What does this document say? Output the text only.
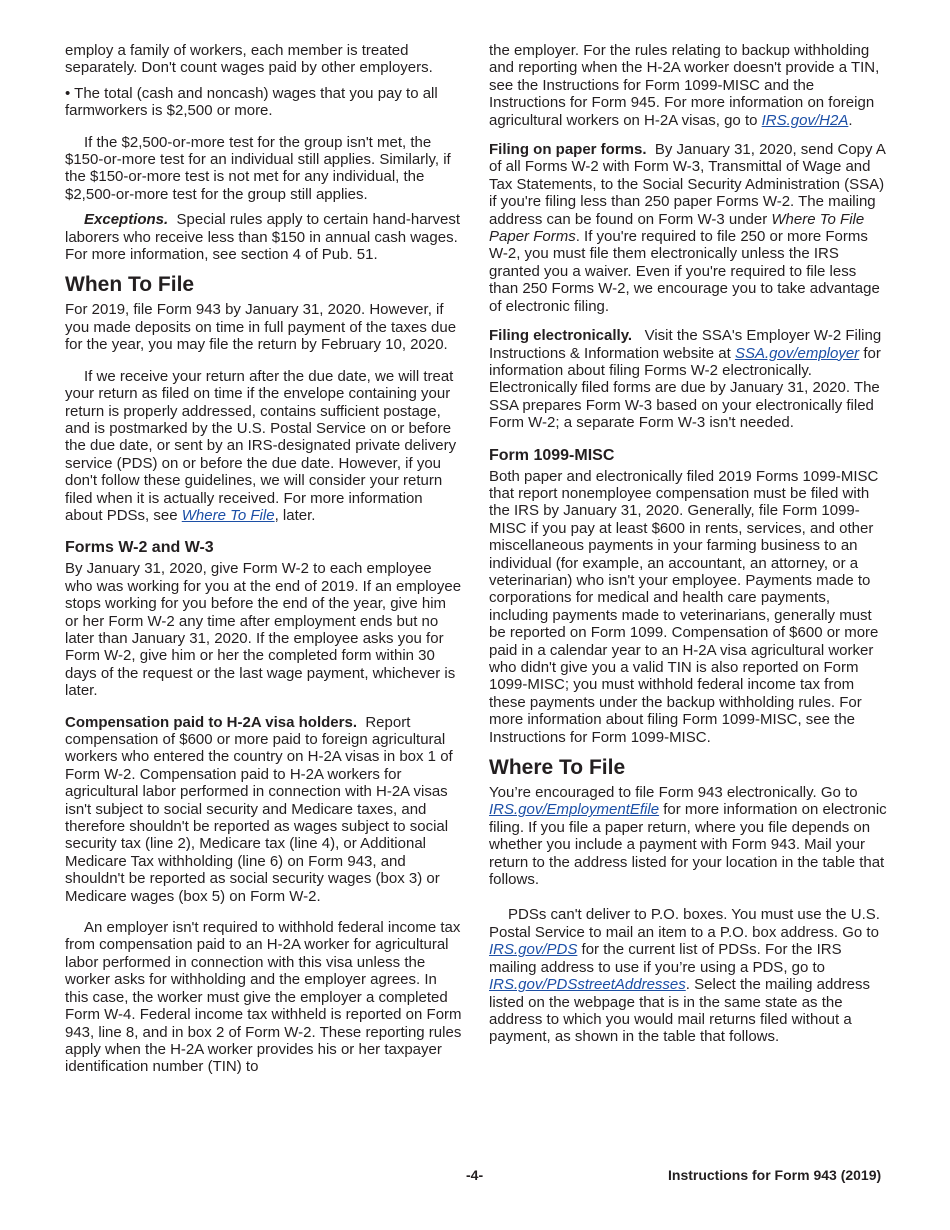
employ a family of workers, each member is treated separately. Don't count wages paid by other employers.

• The total (cash and noncash) wages that you pay to all farmworkers is $2,500 or more.

If the $2,500-or-more test for the group isn't met, the $150-or-more test for an individual still applies. Similarly, if the $150-or-more test is not met for any individual, the $2,500-or-more test for the group still applies.

Exceptions. Special rules apply to certain hand-harvest laborers who receive less than $150 in annual cash wages. For more information, see section 4 of Pub. 51.

When To File

For 2019, file Form 943 by January 31, 2020. However, if you made deposits on time in full payment of the taxes due for the year, you may file the return by February 10, 2020.

If we receive your return after the due date, we will treat your return as filed on time if the envelope containing your return is properly addressed, contains sufficient postage, and is postmarked by the U.S. Postal Service on or before the due date, or sent by an IRS-designated private delivery service (PDS) on or before the due date. However, if you don't follow these guidelines, we will consider your return filed when it is actually received. For more information about PDSs, see Where To File, later.

Forms W-2 and W-3

By January 31, 2020, give Form W-2 to each employee who was working for you at the end of 2019. If an employee stops working for you before the end of the year, give him or her Form W-2 any time after employment ends but no later than January 31, 2020. If the employee asks you for Form W-2, give him or her the completed form within 30 days of the request or the last wage payment, whichever is later.

Compensation paid to H-2A visa holders. Report compensation of $600 or more paid to foreign agricultural workers who entered the country on H-2A visas in box 1 of Form W-2. Compensation paid to H-2A workers for agricultural labor performed in connection with H-2A visas isn't subject to social security and Medicare taxes, and therefore shouldn't be reported as wages subject to social security tax (line 2), Medicare tax (line 4), or Additional Medicare Tax withholding (line 6) on Form 943, and shouldn't be reported as social security wages (box 3) or Medicare wages (box 5) on Form W-2.

An employer isn't required to withhold federal income tax from compensation paid to an H-2A worker for agricultural labor performed in connection with this visa unless the worker asks for withholding and the employer agrees. In this case, the worker must give the employer a completed Form W-4. Federal income tax withheld is reported on Form 943, line 8, and in box 2 of Form W-2. These reporting rules apply when the H-2A worker provides his or her taxpayer identification number (TIN) to

the employer. For the rules relating to backup withholding and reporting when the H-2A worker doesn't provide a TIN, see the Instructions for Form 1099-MISC and the Instructions for Form 945. For more information on foreign agricultural workers on H-2A visas, go to IRS.gov/H2A.

Filing on paper forms. By January 31, 2020, send Copy A of all Forms W-2 with Form W-3, Transmittal of Wage and Tax Statements, to the Social Security Administration (SSA) if you're filing less than 250 paper Forms W-2. The mailing address can be found on Form W-3 under Where To File Paper Forms. If you're required to file 250 or more Forms W-2, you must file them electronically unless the IRS granted you a waiver. Even if you're required to file less than 250 Forms W-2, we encourage you to take advantage of electronic filing.

Filing electronically. Visit the SSA's Employer W-2 Filing Instructions & Information website at SSA.gov/employer for information about filing Forms W-2 electronically. Electronically filed forms are due by January 31, 2020. The SSA prepares Form W-3 based on your electronically filed Form W-2; a separate Form W-3 isn't needed.

Form 1099-MISC

Both paper and electronically filed 2019 Forms 1099-MISC that report nonemployee compensation must be filed with the IRS by January 31, 2020. Generally, file Form 1099-MISC if you pay at least $600 in rents, services, and other miscellaneous payments in your farming business to an individual (for example, an accountant, an attorney, or a veterinarian) who isn't your employee. Payments made to corporations for medical and health care payments, including payments made to veterinarians, generally must be reported on Form 1099. Compensation of $600 or more paid in a calendar year to an H-2A visa agricultural worker who didn't give you a valid TIN is also reported on Form 1099-MISC; you must withhold federal income tax from these payments under the backup withholding rules. For more information about filing Form 1099-MISC, see the Instructions for Form 1099-MISC.

Where To File

You’re encouraged to file Form 943 electronically. Go to IRS.gov/EmploymentEfile for more information on electronic filing. If you file a paper return, where you file depends on whether you include a payment with Form 943. Mail your return to the address listed for your location in the table that follows.

PDSs can't deliver to P.O. boxes. You must use the U.S. Postal Service to mail an item to a P.O. box address. Go to IRS.gov/PDS for the current list of PDSs. For the IRS mailing address to use if you’re using a PDS, go to IRS.gov/PDSstreetAddresses. Select the mailing address listed on the webpage that is in the same state as the address to which you would mail returns filed without a payment, as shown in the table that follows.

-4-	Instructions for Form 943 (2019)
